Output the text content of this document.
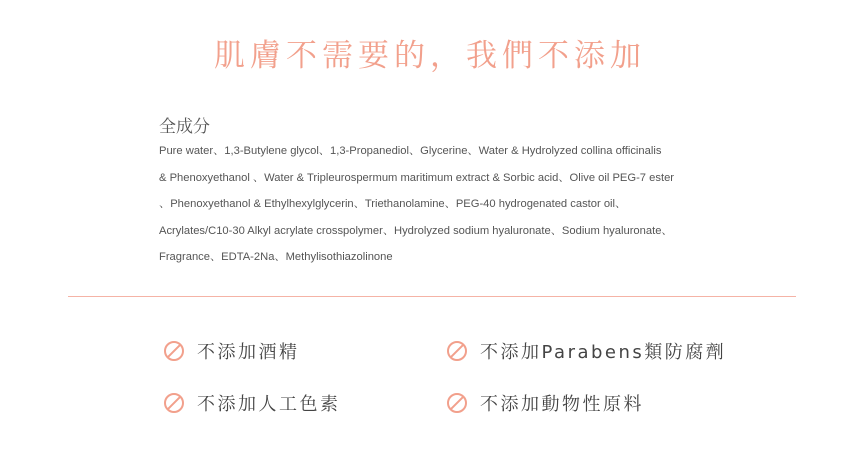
肌膚不需要的，我們不添加
全成分
Pure water、1,3-Butylene glycol、1,3-Propanediol、Glycerine、Water & Hydrolyzed collina officinalis
& Phenoxyethanol 、Water & Tripleurospermum maritimum extract & Sorbic acid、Olive oil PEG-7 ester
、Phenoxyethanol & Ethylhexylglycerin、Triethanolamine、PEG-40 hydrogenated castor oil、
Acrylates/C10-30 Alkyl acrylate crosspolymer、Hydrolyzed sodium hyaluronate、Sodium hyaluronate、
Fragrance、EDTA-2Na、Methylisothiazolinone
不添加酒精	不添加Parabens類防腐劑
不添加人工色素	不添加動物性原料
